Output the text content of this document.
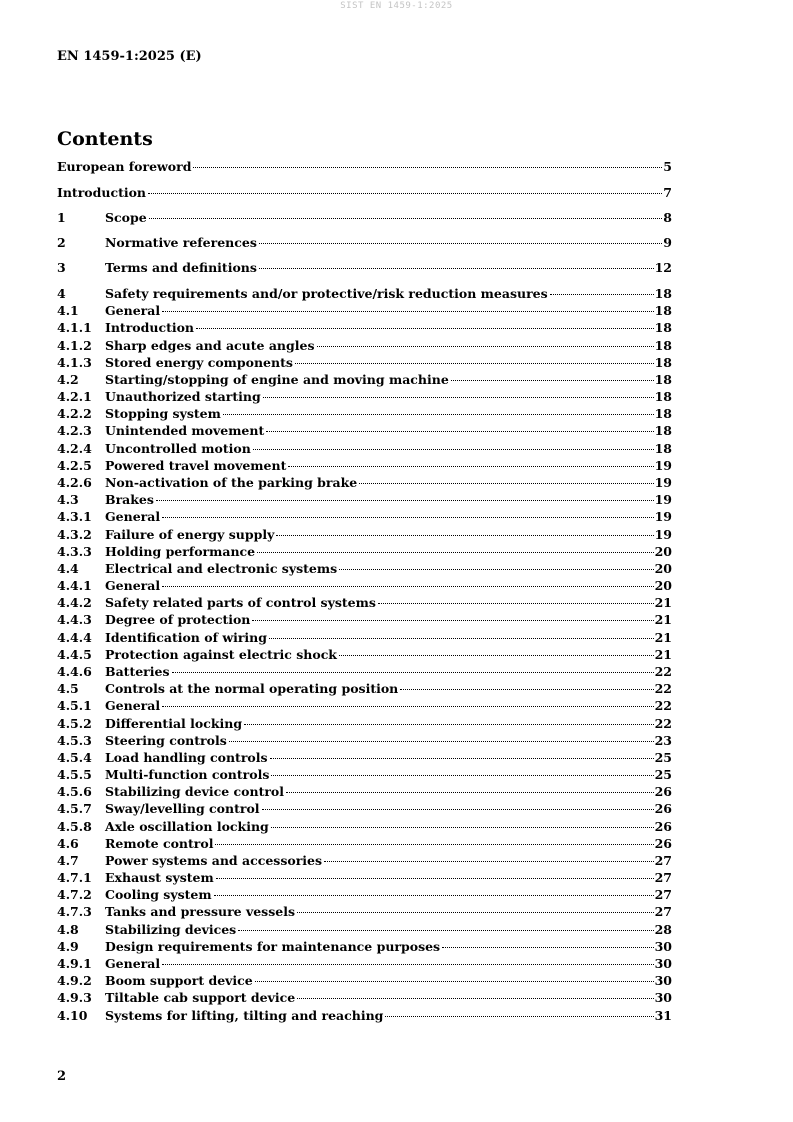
SIST EN 1459-1:2025
EN 1459-1:2025 (E)
Contents
European foreword	5
Introduction	7
1	Scope	8
2	Normative references	9
3	Terms and definitions	12
4	Safety requirements and/or protective/risk reduction measures	18
4.1	General	18
4.1.1	Introduction	18
4.1.2	Sharp edges and acute angles	18
4.1.3	Stored energy components	18
4.2	Starting/stopping of engine and moving machine	18
4.2.1	Unauthorized starting	18
4.2.2	Stopping system	18
4.2.3	Unintended movement	18
4.2.4	Uncontrolled motion	18
4.2.5	Powered travel movement	19
4.2.6	Non-activation of the parking brake	19
4.3	Brakes	19
4.3.1	General	19
4.3.2	Failure of energy supply	19
4.3.3	Holding performance	20
4.4	Electrical and electronic systems	20
4.4.1	General	20
4.4.2	Safety related parts of control systems	21
4.4.3	Degree of protection	21
4.4.4	Identification of wiring	21
4.4.5	Protection against electric shock	21
4.4.6	Batteries	22
4.5	Controls at the normal operating position	22
4.5.1	General	22
4.5.2	Differential locking	22
4.5.3	Steering controls	23
4.5.4	Load handling controls	25
4.5.5	Multi-function controls	25
4.5.6	Stabilizing device control	26
4.5.7	Sway/levelling control	26
4.5.8	Axle oscillation locking	26
4.6	Remote control	26
4.7	Power systems and accessories	27
4.7.1	Exhaust system	27
4.7.2	Cooling system	27
4.7.3	Tanks and pressure vessels	27
4.8	Stabilizing devices	28
4.9	Design requirements for maintenance purposes	30
4.9.1	General	30
4.9.2	Boom support device	30
4.9.3	Tiltable cab support device	30
4.10	Systems for lifting, tilting and reaching	31
2
